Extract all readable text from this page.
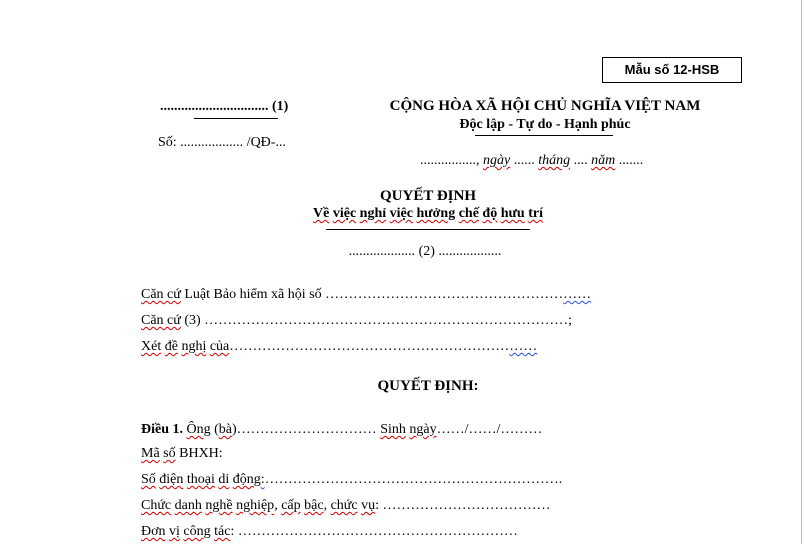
Mẫu số 12-HSB
............................... (1)
Số: .................. /QĐ-...
CỘNG HÒA XÃ HỘI CHỦ NGHĨA VIỆT NAM
Độc lập - Tự do - Hạnh phúc
................, ngày ...... tháng .... năm .......
QUYẾT ĐỊNH
Về việc nghỉ việc hưởng chế độ hưu trí
................... (2) ..................
Căn cứ Luật Bảo hiểm xã hội số …………………………………………………
Căn cứ (3) ……………………………………………………………………;
Xét đề nghị của…………………………………………………………
QUYẾT ĐỊNH:
Điều 1. Ông (bà)………………………… Sinh ngày……/……/………
Mã số BHXH:
Số điện thoại di động:……………………………………………………….
Chức danh nghề nghiệp, cấp bậc, chức vụ: ………………………………
Đơn vị công tác: ……………………………………………………
